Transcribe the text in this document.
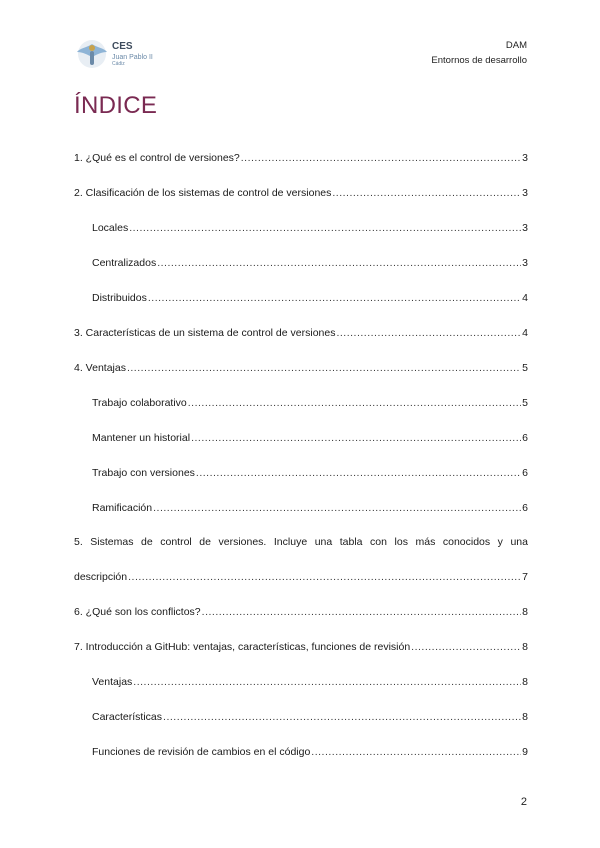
CES
Juan Pablo II
Cádiz
DAM
Entornos de desarrollo
ÍNDICE
1. ¿Qué es el control de versiones? .....	3
2. Clasificación de los sistemas de control de versiones .....	3
Locales .....	3
Centralizados .....	3
Distribuidos .....	4
3. Características de un sistema de control de versiones .....	4
4. Ventajas .....	5
Trabajo colaborativo .....	5
Mantener un historial .....	6
Trabajo con versiones .....	6
Ramificación .....	6
5. Sistemas de control de versiones. Incluye una tabla con los más conocidos y una
descripción .....	7
6. ¿Qué son los conflictos? .....	8
7. Introducción a GitHub: ventajas, características, funciones de revisión .....	8
Ventajas .....	8
Características .....	8
Funciones de revisión de cambios en el código .....	9
2
